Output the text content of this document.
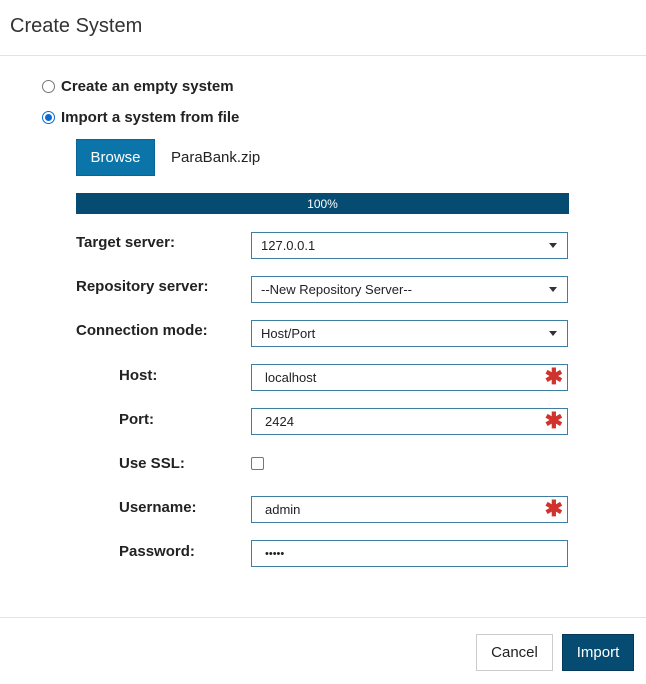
Create System
Create an empty system
Import a system from file
Browse	ParaBank.zip
100%
Target server:	127.0.0.1
Repository server:	--New Repository Server--
Connection mode:	Host/Port
Host:	localhost	✱
Port:	2424	✱
Use SSL:
Username:	admin	✱
Password:	•••••
Cancel	Import
